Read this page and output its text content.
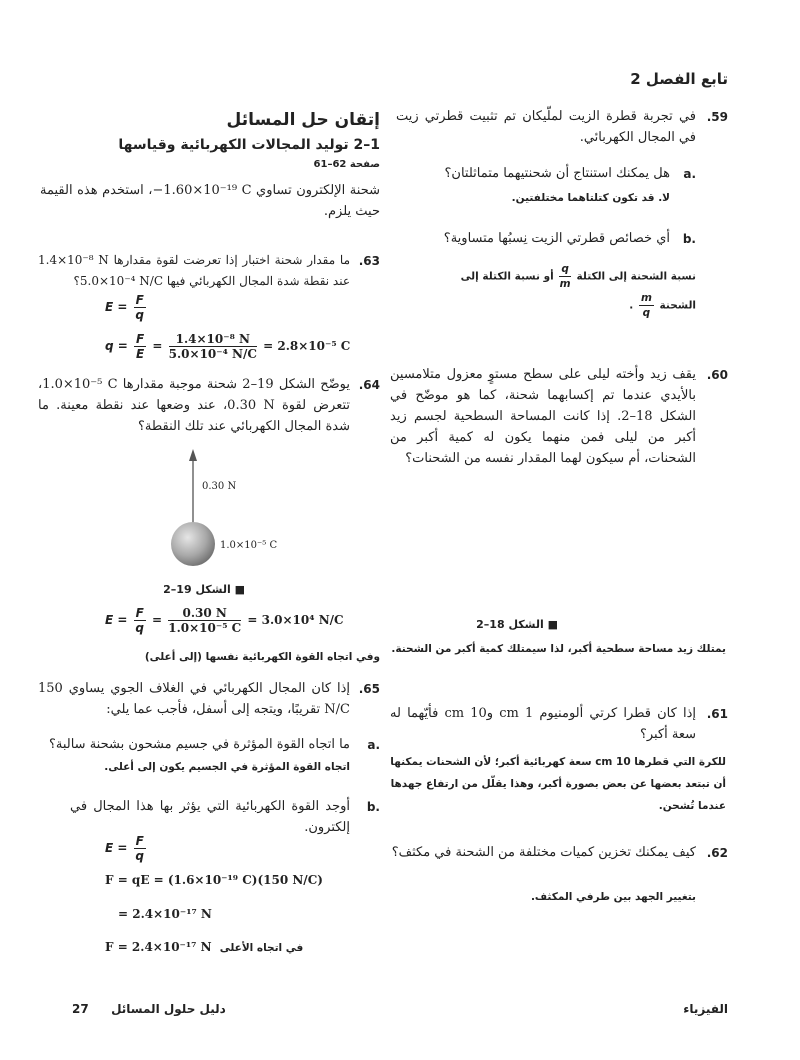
تابع الفصل 2
.59
في تجربة قطرة الزيت لملّيكان تم تثبيت قطرتي زيت في المجال الكهربائي.
a.
هل يمكنك استنتاج أن شحنتيهما متماثلتان؟
لا. قد تكون كتلتاهما مختلفتين.
b.
أي خصائص قطرتي الزيت نِسبُها متساوية؟
نسبة الشحنة إلى الكتلة
$\frac{q}{m}$
أو نسبة الكتلة إلى
الشحنة
$\frac{m}{q}$
.
.60
يقف زيد وأخته ليلى على سطح مستوٍ معزول متلامسين بالأيدي عندما تم إكسابهما شحنة، كما هو موضّح في الشكل 18–2. إذا كانت المساحة السطحية لجسم زيد أكبر من ليلى فمن منهما يكون له كمية أكبر من الشحنات، أم سيكون لهما المقدار نفسه من الشحنات؟
■ الشكل 18–2
يمتلك زيد مساحة سطحية أكبر، لذا سيمتلك كمية أكبر من الشحنة.
.61
إذا كان قطرا كرتي ألومنيوم 1 cm و10 cm فأيّهما له سعة أكبر؟
للكرة التي قطرها 10 cm سعة كهربائية أكبر؛ لأن الشحنات يمكنها أن تبتعد بعضها عن بعض بصورة أكبر، وهذا يقلّل من ارتفاع جهدها عندما تُشحن.
.62
كيف يمكنك تخزين كميات مختلفة من الشحنة في مكثف؟
بتغيير الجهد بين طرفي المكثف.
إتقان حل المسائل
1–2 توليد المجالات الكهربائية وقياسها
صفحة 62–61
شحنة الإلكترون تساوي ‎−1.60×10⁻¹⁹ C‎، استخدم هذه القيمة حيث يلزم.
.63
ما مقدار شحنة اختبار إذا تعرضت لقوة مقدارها ‎1.4×10⁻⁸ N‎ عند نقطة شدة المجال الكهربائي فيها ‎5.0×10⁻⁴ N/C‎؟
$E = \frac{F}{q}$
$q = \frac{F}{E} = \frac{\text{1.4×10⁻⁸ N}}{\text{5.0×10⁻⁴ N/C}} = 2.8\times 10^{-5}$ C
.64
يوضّح الشكل 19–2 شحنة موجبة مقدارها ‎1.0×10⁻⁵ C‎، تتعرض لقوة ‎0.30 N‎، عند وضعها عند نقطة معينة. ما شدة المجال الكهربائي عند تلك النقطة؟
0.30 N
1.0×10⁻⁵ C
■ الشكل 19–2
$E = \frac{F}{q} = \frac{0.30 N}{\text{1.0×10⁻⁵ C}} = 3.0\times 10^4$ N/C
وفي اتجاه القوة الكهربائية نفسها (إلى أعلى)
.65
إذا كان المجال الكهربائي في الغلاف الجوي يساوي ‎150 N/C‎ تقريبًا، ويتجه إلى أسفل، فأجب عما يلي:
a.
ما اتجاه القوة المؤثرة في جسيم مشحون بشحنة سالبة؟
اتجاه القوة المؤثرة في الجسيم يكون إلى أعلى.
b.
أوجد القوة الكهربائية التي يؤثر بها هذا المجال في إلكترون.
$E = \frac{F}{q}$
F = qE = (1.6×10⁻¹⁹ C)(150 N/C)
= 2.4×10⁻¹⁷ N
F = 2.4×10⁻¹⁷ N في اتجاه الأعلى
الفيزياء
27 دليل حلول المسائل
